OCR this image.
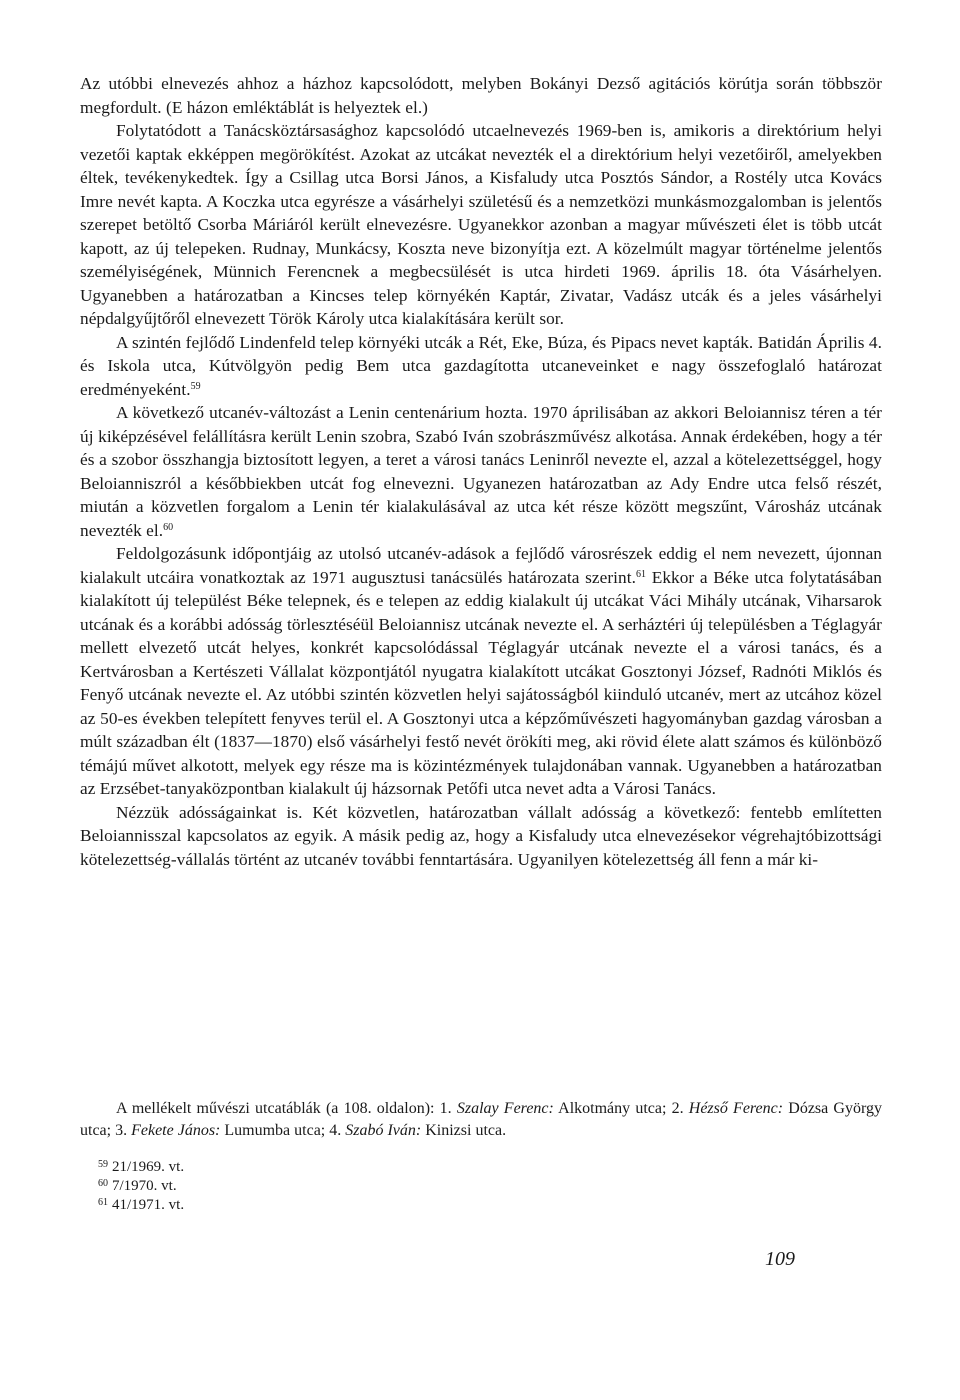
Az utóbbi elnevezés ahhoz a házhoz kapcsolódott, melyben Bokányi Dezső agitációs körútja során többször megfordult. (E házon emléktáblát is helyeztek el.)

Folytatódott a Tanácsköztársasághoz kapcsolódó utcaelnevezés 1969-ben is, amikoris a direktórium helyi vezetői kaptak ekképpen megörökítést. Azokat az utcákat nevezték el a direktórium helyi vezetőiről, amelyekben éltek, tevékenykedtek. Így a Csillag utca Borsi János, a Kisfaludy utca Posztós Sándor, a Rostély utca Kovács Imre nevét kapta. A Koczka utca egyrésze a vásárhelyi születésű és a nemzetközi munkásmozgalomban is jelentős szerepet betöltő Csorba Máriáról került elnevezésre. Ugyanekkor azonban a magyar művészeti élet is több utcát kapott, az új telepeken. Rudnay, Munkácsy, Koszta neve bizonyítja ezt. A közelmúlt magyar történelme jelentős személyiségének, Münnich Ferencnek a megbecsülését is utca hirdeti 1969. április 18. óta Vásárhelyen. Ugyanebben a határozatban a Kincses telep környékén Kaptár, Zivatar, Vadász utcák és a jeles vásárhelyi népdalgyűjtőről elnevezett Török Károly utca kialakítására került sor.

A szintén fejlődő Lindenfeld telep környéki utcák a Rét, Eke, Búza, és Pipacs nevet kapták. Batidán Április 4. és Iskola utca, Kútvölgyön pedig Bem utca gazdagította utcaneveinket e nagy összefoglaló határozat eredményeként.$^{59}$

A következő utcanév-változást a Lenin centenárium hozta. 1970 áprilisában az akkori Beloiannisz téren a tér új kiképzésével felállításra került Lenin szobra, Szabó Iván szobrászművész alkotása. Annak érdekében, hogy a tér és a szobor összhangja biztosított legyen, a teret a városi tanács Leninről nevezte el, azzal a kötelezettséggel, hogy Beloianniszról a későbbiekben utcát fog elnevezni. Ugyanezen határozatban az Ady Endre utca felső részét, miután a közvetlen forgalom a Lenin tér kialakulásával az utca két része között megszűnt, Városház utcának nevezték el.$^{60}$

Feldolgozásunk időpontjáig az utolsó utcanév-adások a fejlődő városrészek eddig el nem nevezett, újonnan kialakult utcáira vonatkoztak az 1971 augusztusi tanácsülés határozata szerint.$^{61}$ Ekkor a Béke utca folytatásában kialakított új települést Béke telepnek, és e telepen az eddig kialakult új utcákat Váci Mihály utcának, Viharsarok utcának és a korábbi adósság törlesztéséül Beloiannisz utcának nevezte el. A serháztéri új településben a Téglagyár mellett elvezető utcát helyes, konkrét kapcsolódással Téglagyár utcának nevezte el a városi tanács, és a Kertvárosban a Kertészeti Vállalat központjától nyugatra kialakított utcákat Gosztonyi József, Radnóti Miklós és Fenyő utcának nevezte el. Az utóbbi szintén közvetlen helyi sajátosságból kiinduló utcanév, mert az utcához közel az 50-es években telepített fenyves terül el. A Gosztonyi utca a képzőművészeti hagyományban gazdag városban a múlt században élt (1837—1870) első vásárhelyi festő nevét örökíti meg, aki rövid élete alatt számos és különböző témájú művet alkotott, melyek egy része ma is közintézmények tulajdonában vannak. Ugyanebben a határozatban az Erzsébet-tanyaközpontban kialakult új házsornak Petőfi utca nevet adta a Városi Tanács.

Nézzük adósságainkat is. Két közvetlen, határozatban vállalt adósság a következő: fentebb említetten Beloiannisszal kapcsolatos az egyik. A másik pedig az, hogy a Kisfaludy utca elnevezésekor végrehajtóbizottsági kötelezettség-vállalás történt az utcanév további fenntartására. Ugyanilyen kötelezettség áll fenn a már ki-

A mellékelt művészi utcatáblák (a 108. oldalon): 1. Szalay Ferenc: Alkotmány utca; 2. Hézső Ferenc: Dózsa György utca; 3. Fekete János: Lumumba utca; 4. Szabó Iván: Kinizsi utca.

59 21/1969. vt.
60 7/1970. vt.
61 41/1971. vt.
109
